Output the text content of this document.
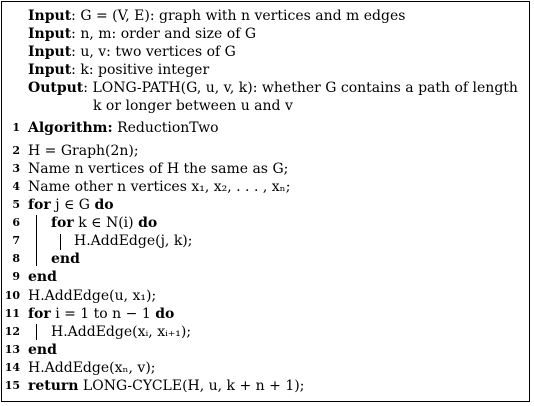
Input: G = (V, E): graph with n vertices and m edges
Input: n, m: order and size of G
Input: u, v: two vertices of G
Input: k: positive integer
Output: LONG-PATH(G, u, v, k): whether G contains a path of length
k or longer between u and v
1 Algorithm: ReductionTwo
2 H = Graph(2n);
3 Name n vertices of H the same as G;
4 Name other n vertices x₁, x₂, . . . , xₙ;
5 for j ∈ G do
6 for k ∈ N(i) do
7	H.AddEdge(j, k);
8 end
9 end
10 H.AddEdge(u, x₁);
11 for i = 1 to n − 1 do
12 H.AddEdge(xᵢ, xᵢ₊₁);
13 end
14 H.AddEdge(xₙ, v);
15 return LONG-CYCLE(H, u, k + n + 1);
